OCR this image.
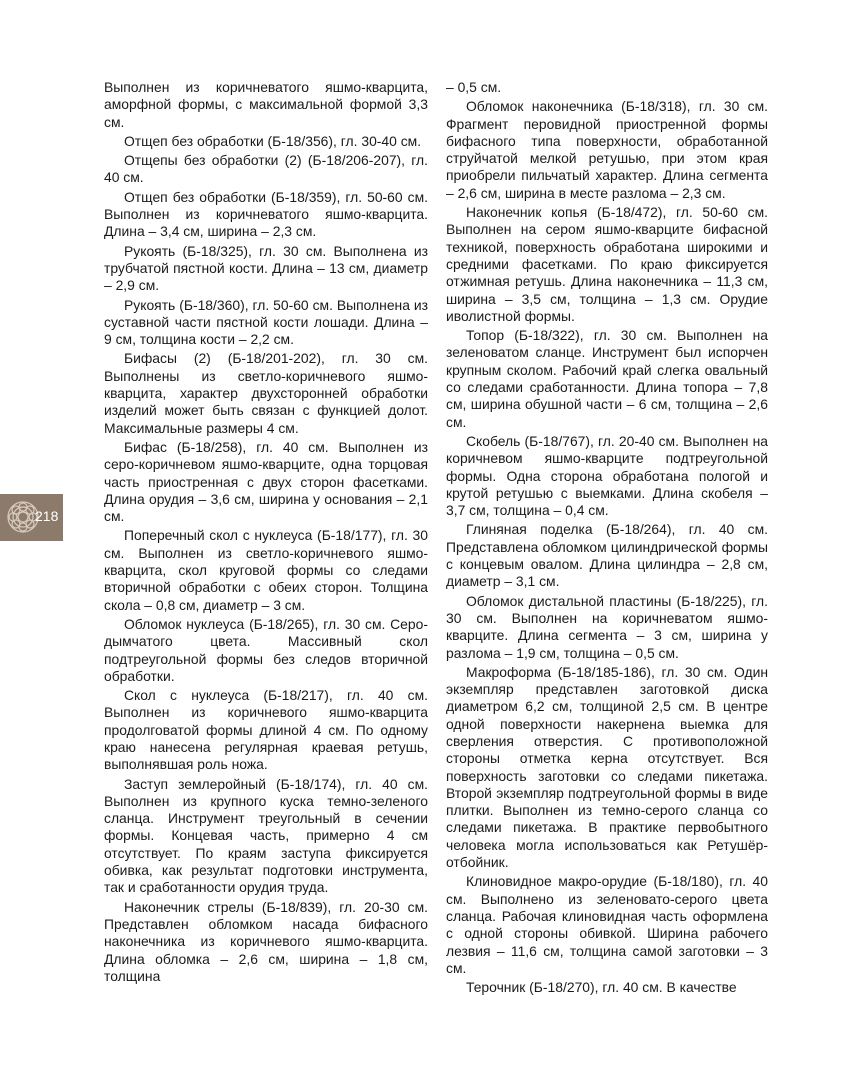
218

Выполнен из коричневатого яшмо-кварцита, аморфной формы, с максимальной формой 3,3 см.

Отщеп без обработки (Б-18/356), гл. 30-40 см.

Отщепы без обработки (2) (Б-18/206-207), гл. 40 см.

Отщеп без обработки (Б-18/359), гл. 50-60 см. Выполнен из коричневатого яшмо-кварцита. Длина – 3,4 см, ширина – 2,3 см.

Рукоять (Б-18/325), гл. 30 см. Выполнена из трубчатой пястной кости. Длина – 13 см, диаметр – 2,9 см.

Рукоять (Б-18/360), гл. 50-60 см. Выполнена из суставной части пястной кости лошади. Длина – 9 см, толщина кости – 2,2 см.

Бифасы (2) (Б-18/201-202), гл. 30 см. Выполнены из светло-коричневого яшмо-кварцита, характер двухсторонней обработки изделий может быть связан с функцией долот. Максимальные размеры 4 см.

Бифас (Б-18/258), гл. 40 см. Выполнен из серо-коричневом яшмо-кварците, одна торцовая часть приостренная с двух сторон фасетками. Длина орудия – 3,6 см, ширина у основания – 2,1 см.

Поперечный скол с нуклеуса (Б-18/177), гл. 30 см. Выполнен из светло-коричневого яшмо-кварцита, скол круговой формы со следами вторичной обработки с обеих сторон. Толщина скола – 0,8 см, диаметр – 3 см.

Обломок нуклеуса (Б-18/265), гл. 30 см. Серо-дымчатого цвета. Массивный скол подтреугольной формы без следов вторичной обработки.

Скол с нуклеуса (Б-18/217), гл. 40 см. Выполнен из коричневого яшмо-кварцита продолговатой формы длиной 4 см. По одному краю нанесена регулярная краевая ретушь, выполнявшая роль ножа.

Заступ землеройный (Б-18/174), гл. 40 см. Выполнен из крупного куска темно-зеленого сланца. Инструмент треугольный в сечении формы. Концевая часть, примерно 4 см отсутствует. По краям заступа фиксируется обивка, как результат подготовки инструмента, так и сработанности орудия труда.

Наконечник стрелы (Б-18/839), гл. 20-30 см. Представлен обломком насада бифасного наконечника из коричневого яшмо-кварцита. Длина обломка – 2,6 см, ширина – 1,8 см, толщина

– 0,5 см.

Обломок наконечника (Б-18/318), гл. 30 см. Фрагмент перовидной приостренной формы бифасного типа поверхности, обработанной струйчатой мелкой ретушью, при этом края приобрели пильчатый характер. Длина сегмента – 2,6 см, ширина в месте разлома – 2,3 см.

Наконечник копья (Б-18/472), гл. 50-60 см. Выполнен на сером яшмо-кварците бифасной техникой, поверхность обработана широкими и средними фасетками. По краю фиксируется отжимная ретушь. Длина наконечника – 11,3 см, ширина – 3,5 см, толщина – 1,3 см. Орудие иволистной формы.

Топор (Б-18/322), гл. 30 см. Выполнен на зеленоватом сланце. Инструмент был испорчен крупным сколом. Рабочий край слегка овальный со следами сработанности. Длина топора – 7,8 см, ширина обушной части – 6 см, толщина – 2,6 см.

Скобель (Б-18/767), гл. 20-40 см. Выполнен на коричневом яшмо-кварците подтреугольной формы. Одна сторона обработана пологой и крутой ретушью с выемками. Длина скобеля – 3,7 см, толщина – 0,4 см.

Глиняная поделка (Б-18/264), гл. 40 см. Представлена обломком цилиндрической формы с концевым овалом. Длина цилиндра – 2,8 см, диаметр – 3,1 см.

Обломок дистальной пластины (Б-18/225), гл. 30 см. Выполнен на коричневатом яшмо-кварците. Длина сегмента – 3 см, ширина у разлома – 1,9 см, толщина – 0,5 см.

Макроформа (Б-18/185-186), гл. 30 см. Один экземпляр представлен заготовкой диска диаметром 6,2 см, толщиной 2,5 см. В центре одной поверхности накернена выемка для сверления отверстия. С противоположной стороны отметка керна отсутствует. Вся поверхность заготовки со следами пикетажа. Второй экземпляр подтреугольной формы в виде плитки. Выполнен из темно-серого сланца со следами пикетажа. В практике первобытного человека могла использоваться как Ретушёр-отбойник.

Клиновидное макро-орудие (Б-18/180), гл. 40 см. Выполнено из зеленовато-серого цвета сланца. Рабочая клиновидная часть оформлена с одной стороны обивкой. Ширина рабочего лезвия – 11,6 см, толщина самой заготовки – 3 см.

Терочник (Б-18/270), гл. 40 см. В качестве
